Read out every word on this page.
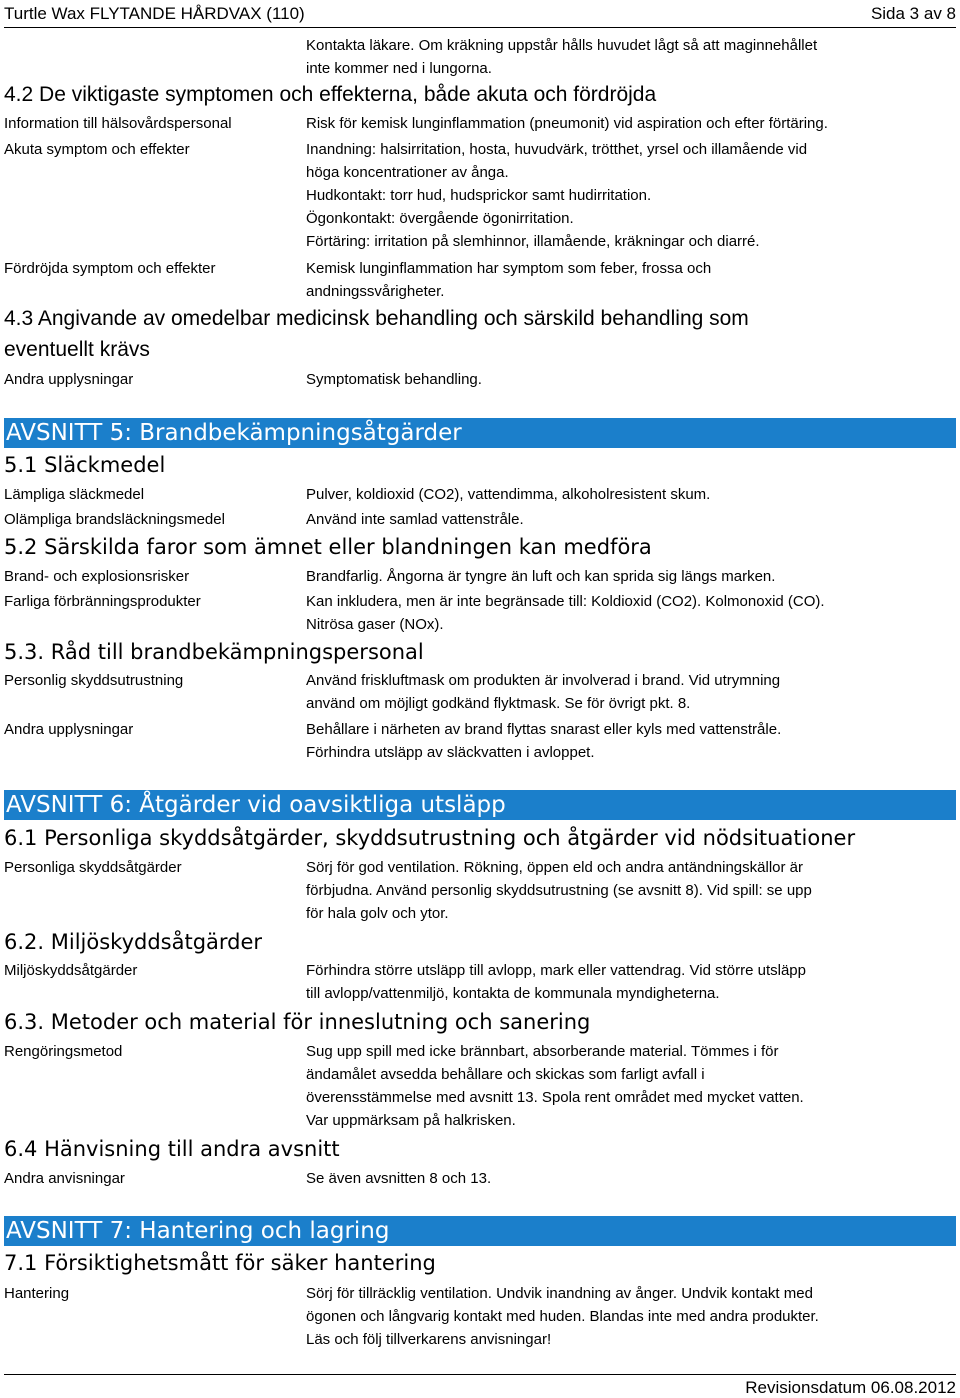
Turtle Wax FLYTANDE HÅRDVAX (110)	Sida 3 av 8
Kontakta läkare. Om kräkning uppstår hålls huvudet lågt så att maginnehållet
inte kommer ned i lungorna.
4.2 De viktigaste symptomen och effekterna, både akuta och fördröjda
Information till hälsovårdspersonal	Risk för kemisk lunginflammation (pneumonit) vid aspiration och efter förtäring.
Akuta symptom och effekter	Inandning: halsirritation, hosta, huvudvärk, trötthet, yrsel och illamående vid
höga koncentrationer av ånga.
Hudkontakt: torr hud, hudsprickor samt hudirritation.
Ögonkontakt: övergående ögonirritation.
Förtäring: irritation på slemhinnor, illamående, kräkningar och diarré.
Fördröjda symptom och effekter	Kemisk lunginflammation har symptom som feber, frossa och
andningssvårigheter.
4.3 Angivande av omedelbar medicinsk behandling och särskild behandling som
eventuellt krävs
Andra upplysningar	Symptomatisk behandling.
AVSNITT 5: Brandbekämpningsåtgärder
5.1 Släckmedel
Lämpliga släckmedel	Pulver, koldioxid (CO2), vattendimma, alkoholresistent skum.
Olämpliga brandsläckningsmedel	Använd inte samlad vattenstråle.
5.2 Särskilda faror som ämnet eller blandningen kan medföra
Brand- och explosionsrisker	Brandfarlig. Ångorna är tyngre än luft och kan sprida sig längs marken.
Farliga förbränningsprodukter	Kan inkludera, men är inte begränsade till: Koldioxid (CO2). Kolmonoxid (CO).
Nitrösa gaser (NOx).
5.3. Råd till brandbekämpningspersonal
Personlig skyddsutrustning	Använd friskluftmask om produkten är involverad i brand. Vid utrymning
använd om möjligt godkänd flyktmask. Se för övrigt pkt. 8.
Andra upplysningar	Behållare i närheten av brand flyttas snarast eller kyls med vattenstråle.
Förhindra utsläpp av släckvatten i avloppet.
AVSNITT 6: Åtgärder vid oavsiktliga utsläpp
6.1 Personliga skyddsåtgärder, skyddsutrustning och åtgärder vid nödsituationer
Personliga skyddsåtgärder	Sörj för god ventilation. Rökning, öppen eld och andra antändningskällor är
förbjudna. Använd personlig skyddsutrustning (se avsnitt 8). Vid spill: se upp
för hala golv och ytor.
6.2. Miljöskyddsåtgärder
Miljöskyddsåtgärder	Förhindra större utsläpp till avlopp, mark eller vattendrag. Vid större utsläpp
till avlopp/vattenmiljö, kontakta de kommunala myndigheterna.
6.3. Metoder och material för inneslutning och sanering
Rengöringsmetod	Sug upp spill med icke brännbart, absorberande material. Tömmes i för
ändamålet avsedda behållare och skickas som farligt avfall i
överensstämmelse med avsnitt 13. Spola rent området med mycket vatten.
Var uppmärksam på halkrisken.
6.4 Hänvisning till andra avsnitt
Andra anvisningar	Se även avsnitten 8 och 13.
AVSNITT 7: Hantering och lagring
7.1 Försiktighetsmått för säker hantering
Hantering	Sörj för tillräcklig ventilation. Undvik inandning av ånger. Undvik kontakt med
ögonen och långvarig kontakt med huden. Blandas inte med andra produkter.
Läs och följ tillverkarens anvisningar!
Revisionsdatum 06.08.2012
